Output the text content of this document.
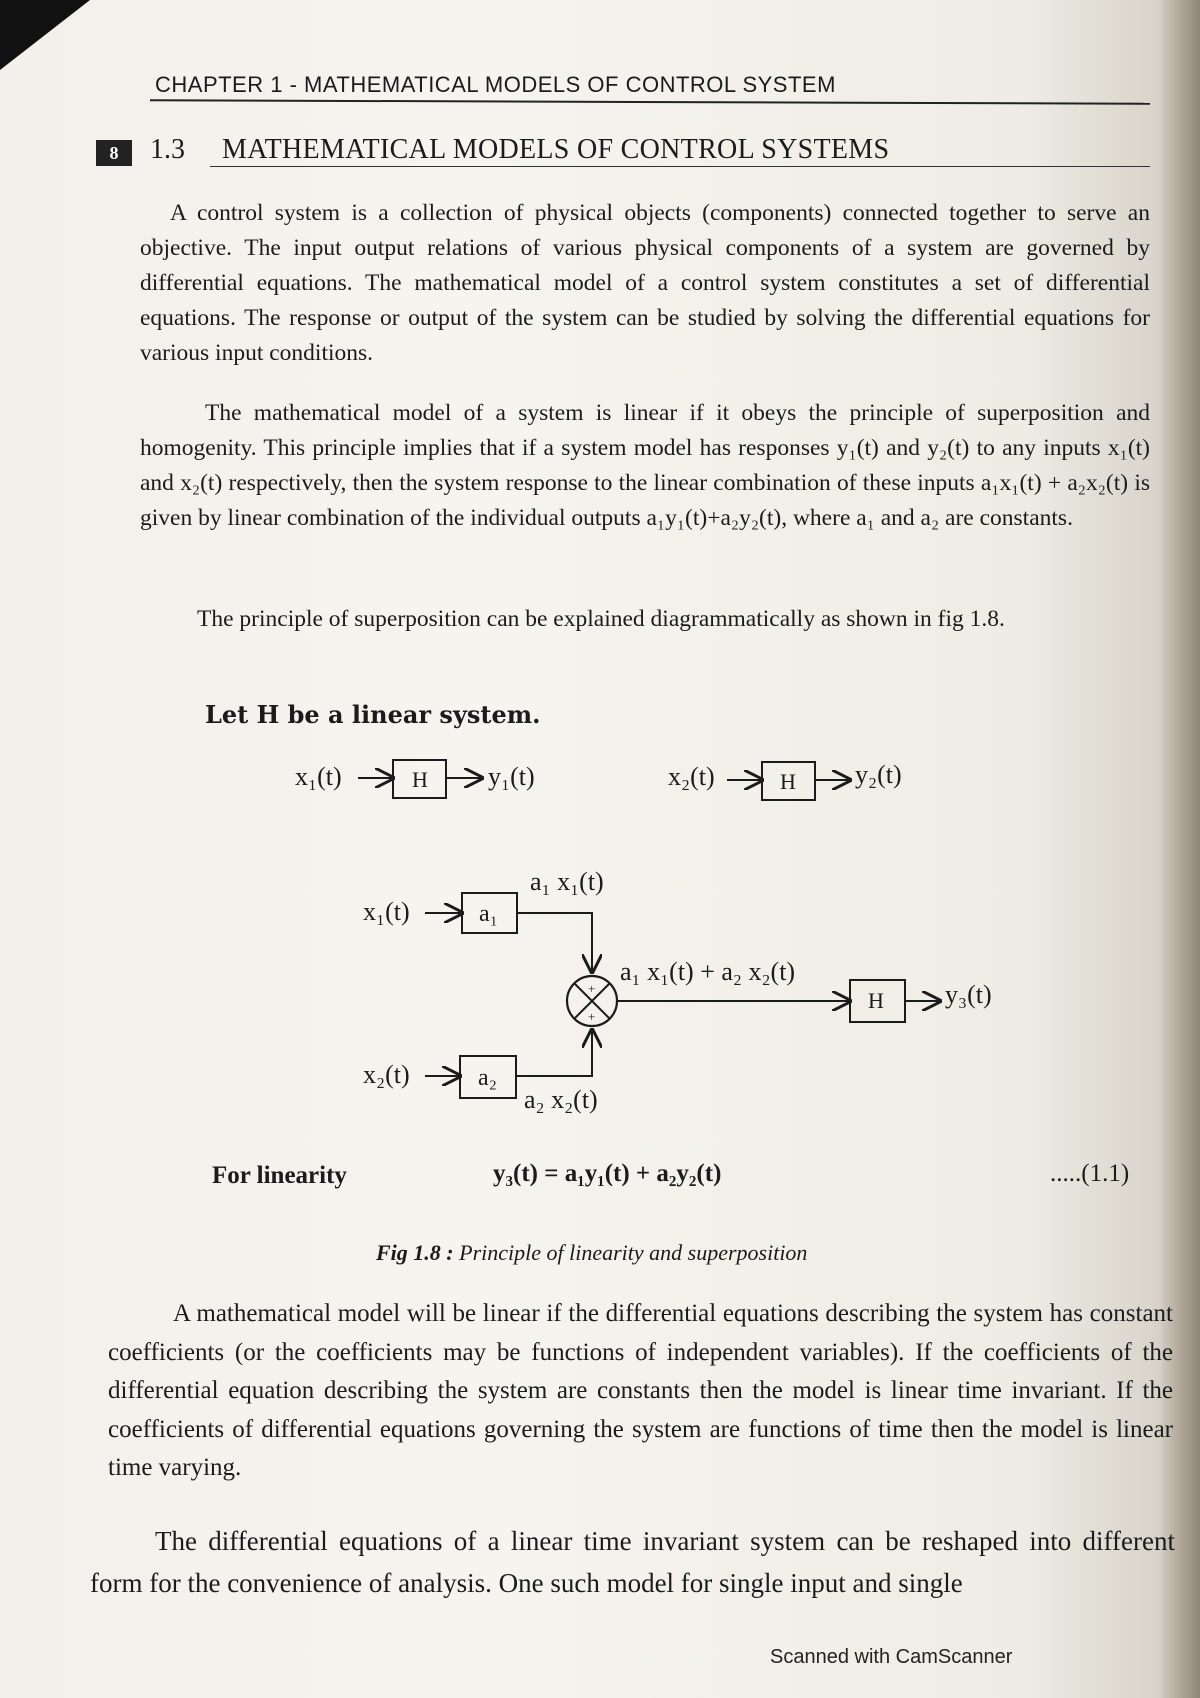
CHAPTER 1 - MATHEMATICAL MODELS OF CONTROL SYSTEM
8	1.3 MATHEMATICAL MODELS OF CONTROL SYSTEMS
A control system is a collection of physical objects (components) connected together to serve an objective. The input output relations of various physical components of a system are governed by differential equations. The mathematical model of a control system constitutes a set of differential equations. The response or output of the system can be studied by solving the differential equations for various input conditions.
The mathematical model of a system is linear if it obeys the principle of superposition and homogenity. This principle implies that if a system model has responses y₁(t) and y₂(t) to any inputs x₁(t) and x₂(t) respectively, then the system response to the linear combination of these inputs a₁x₁(t) + a₂x₂(t) is given by linear combination of the individual outputs a₁y₁(t)+a₂y₂(t), where a₁ and a₂ are constants.
The principle of superposition can be explained diagrammatically as shown in fig 1.8.
Let H be a linear system.
x₁(t)	H y₁(t)	x₂(t)	H y₂(t)
x₁(t)	a₁
a₁ x₁(t)
x₂(t)	a₂
a₂ x₂(t)
+
+
a₁ x₁(t) + a₂ x₂(t)
H y₃(t)
For linearity	y₃(t) = a₁y₁(t) + a₂y₂(t)	.....(1.1)
Fig 1.8 : Principle of linearity and superposition
A mathematical model will be linear if the differential equations describing the system has constant coefficients (or the coefficients may be functions of independent variables). If the coefficients of the differential equation describing the system are constants then the model is linear time invariant. If the coefficients of differential equations governing the system are functions of time then the model is linear time varying.
The differential equations of a linear time invariant system can be reshaped into different form for the convenience of analysis. One such model for single input and single
Scanned with CamScanner
